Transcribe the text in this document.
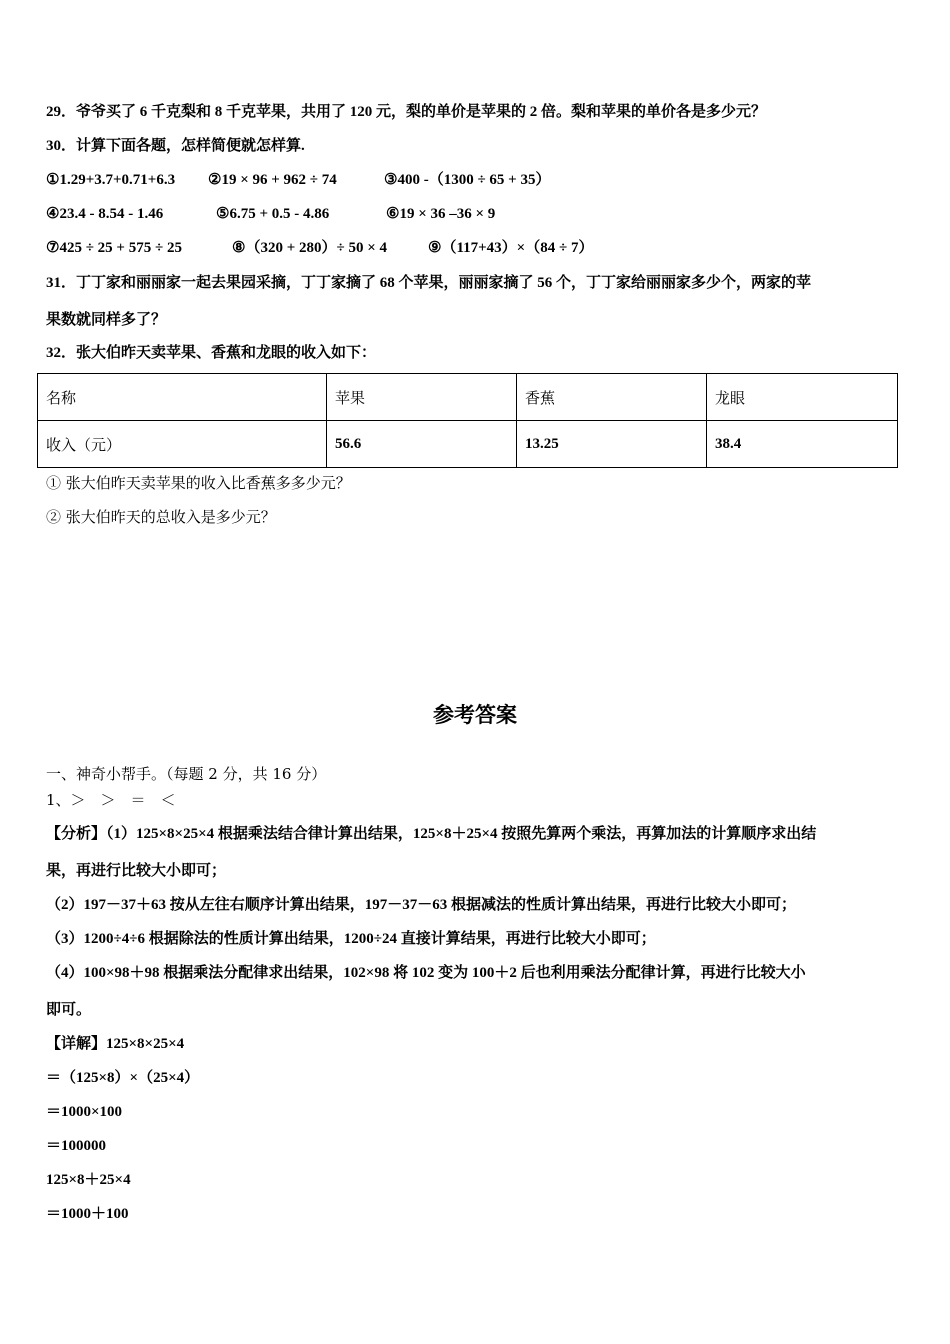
29．爷爷买了 6 千克梨和 8 千克苹果，共用了 120 元，梨的单价是苹果的 2 倍。梨和苹果的单价各是多少元？
30．计算下面各题，怎样简便就怎样算.
①1.29+3.7+0.71+6.3 ②19 × 96 + 962 ÷ 74	③400 -（1300 ÷ 65 + 35）
④23.4 - 8.54 - 1.46	⑤6.75 + 0.5 - 4.86	⑥19 × 36 –36 × 9
⑦425 ÷ 25 + 575 ÷ 25	⑧（320 + 280）÷ 50 × 4	⑨（117+43）×（84 ÷ 7）
31．丁丁家和丽丽家一起去果园采摘，丁丁家摘了 68 个苹果，丽丽家摘了 56 个，丁丁家给丽丽家多少个，两家的苹
果数就同样多了？
32．张大伯昨天卖苹果、香蕉和龙眼的收入如下：
名称	苹果	香蕉	龙眼
收入（元）	56.6	13.25	38.4
① 张大伯昨天卖苹果的收入比香蕉多多少元？
② 张大伯昨天的总收入是多少元？
参考答案
一、神奇小帮手。（每题 2 分，共 16 分）
1、＞　＞　＝　＜
【分析】（1）125×8×25×4 根据乘法结合律计算出结果，125×8＋25×4 按照先算两个乘法，再算加法的计算顺序求出结
果，再进行比较大小即可；
（2）197－37＋63 按从左往右顺序计算出结果，197－37－63 根据减法的性质计算出结果，再进行比较大小即可；
（3）1200÷4÷6 根据除法的性质计算出结果，1200÷24 直接计算结果，再进行比较大小即可；
（4）100×98＋98 根据乘法分配律求出结果，102×98 将 102 变为 100＋2 后也利用乘法分配律计算，再进行比较大小
即可。
【详解】125×8×25×4
＝（125×8）×（25×4）
＝1000×100
＝100000
125×8＋25×4
＝1000＋100
